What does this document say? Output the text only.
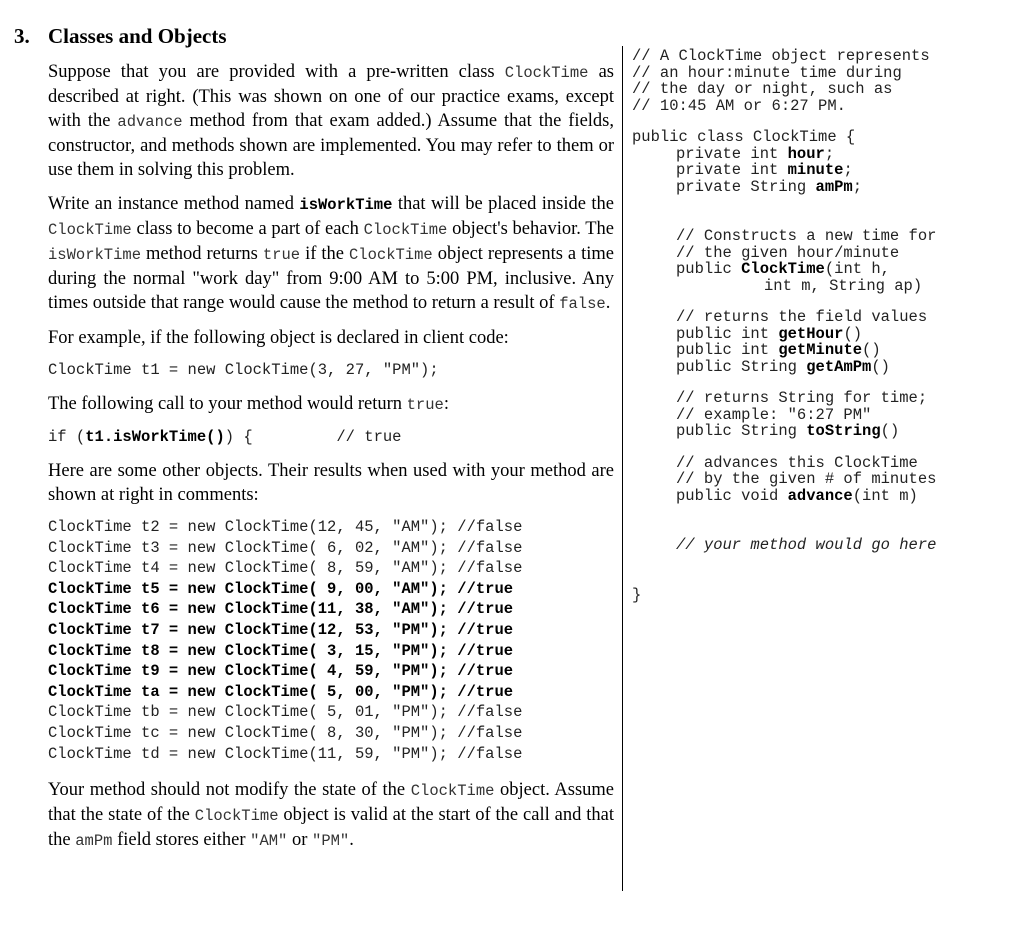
3. Classes and Objects

Suppose that you are provided with a pre-written class ClockTime as described at right. (This was shown on one of our practice exams, except with the advance method from that exam added.) Assume that the fields, constructor, and methods shown are implemented. You may refer to them or use them in solving this problem.

Write an instance method named isWorkTime that will be placed inside the ClockTime class to become a part of each ClockTime object's behavior. The isWorkTime method returns true if the ClockTime object represents a time during the normal "work day" from 9:00 AM to 5:00 PM, inclusive. Any times outside that range would cause the method to return a result of false.

For example, if the following object is declared in client code:

ClockTime t1 = new ClockTime(3, 27, "PM");

The following call to your method would return true:

if (t1.isWorkTime()) {         // true

Here are some other objects. Their results when used with your method are shown at right in comments:

ClockTime t2 = new ClockTime(12, 45, "AM"); //false
ClockTime t3 = new ClockTime( 6, 02, "AM"); //false
ClockTime t4 = new ClockTime( 8, 59, "AM"); //false
ClockTime t5 = new ClockTime( 9, 00, "AM"); //true
ClockTime t6 = new ClockTime(11, 38, "AM"); //true
ClockTime t7 = new ClockTime(12, 53, "PM"); //true
ClockTime t8 = new ClockTime( 3, 15, "PM"); //true
ClockTime t9 = new ClockTime( 4, 59, "PM"); //true
ClockTime ta = new ClockTime( 5, 00, "PM"); //true
ClockTime tb = new ClockTime( 5, 01, "PM"); //false
ClockTime tc = new ClockTime( 8, 30, "PM"); //false
ClockTime td = new ClockTime(11, 59, "PM"); //false

Your method should not modify the state of the ClockTime object. Assume that the state of the ClockTime object is valid at the start of the call and that the amPm field stores either "AM" or "PM".

// A ClockTime object represents
// an hour:minute time during
// the day or night, such as
// 10:45 AM or 6:27 PM.
public class ClockTime {
private int hour;
private int minute;
private String amPm;
// Constructs a new time for
// the given hour/minute
public ClockTime(int h,
int m, String ap)
// returns the field values
public int getHour()
public int getMinute()
public String getAmPm()
// returns String for time;
// example: "6:27 PM"
public String toString()
// advances this ClockTime
// by the given # of minutes
public void advance(int m)
// your method would go here
}
